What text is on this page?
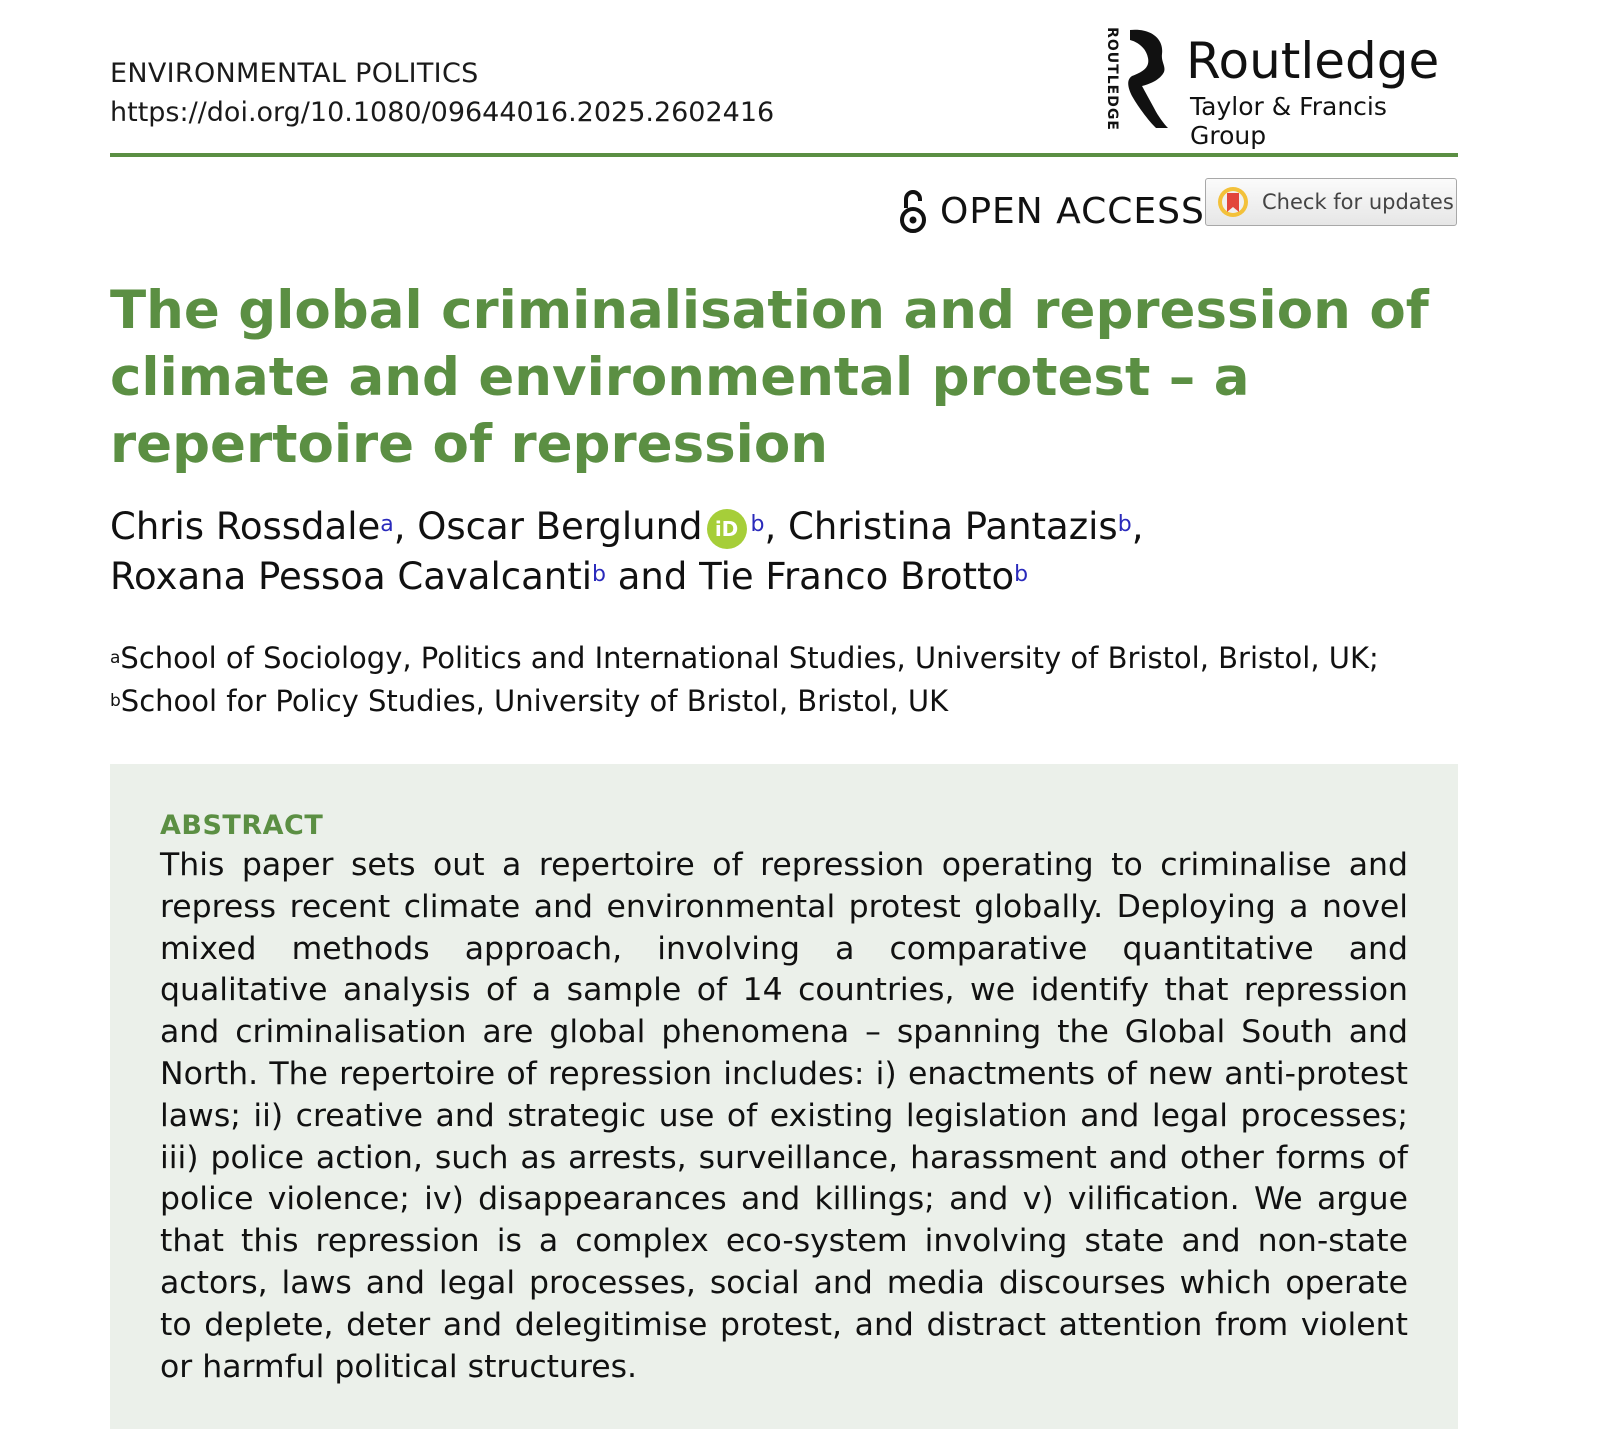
ENVIRONMENTAL POLITICS
https://doi.org/10.1080/09644016.2025.2602416	ROUTLEDGE Routledge
Taylor & Francis Group
OPEN ACCESS	Check for updates
The global criminalisation and repression of climate and environmental protest – a repertoire of repression
Chris Rossdale$^a$, Oscar Berglund iD $^b$, Christina Pantazis$^b$,
Roxana Pessoa Cavalcanti$^b$ and Tie Franco Brotto$^b$
$^a$School of Sociology, Politics and International Studies, University of Bristol, Bristol, UK;
$^b$School for Policy Studies, University of Bristol, Bristol, UK
ABSTRACT
This paper sets out a repertoire of repression operating to criminalise and repress recent climate and environmental protest globally. Deploying a novel mixed methods approach, involving a comparative quantitative and qualitative analysis of a sample of 14 countries, we identify that repression and criminalisation are global phenomena – spanning the Global South and North. The repertoire of repression includes: i) enactments of new anti-protest laws; ii) creative and strategic use of existing legislation and legal processes; iii) police action, such as arrests, surveillance, harassment and other forms of police violence; iv) disappearances and killings; and v) vilification. We argue that this repression is a complex eco-system involving state and non-state actors, laws and legal processes, social and media discourses which operate to deplete, deter and delegitimise protest, and distract attention from violent or harmful political structures.
